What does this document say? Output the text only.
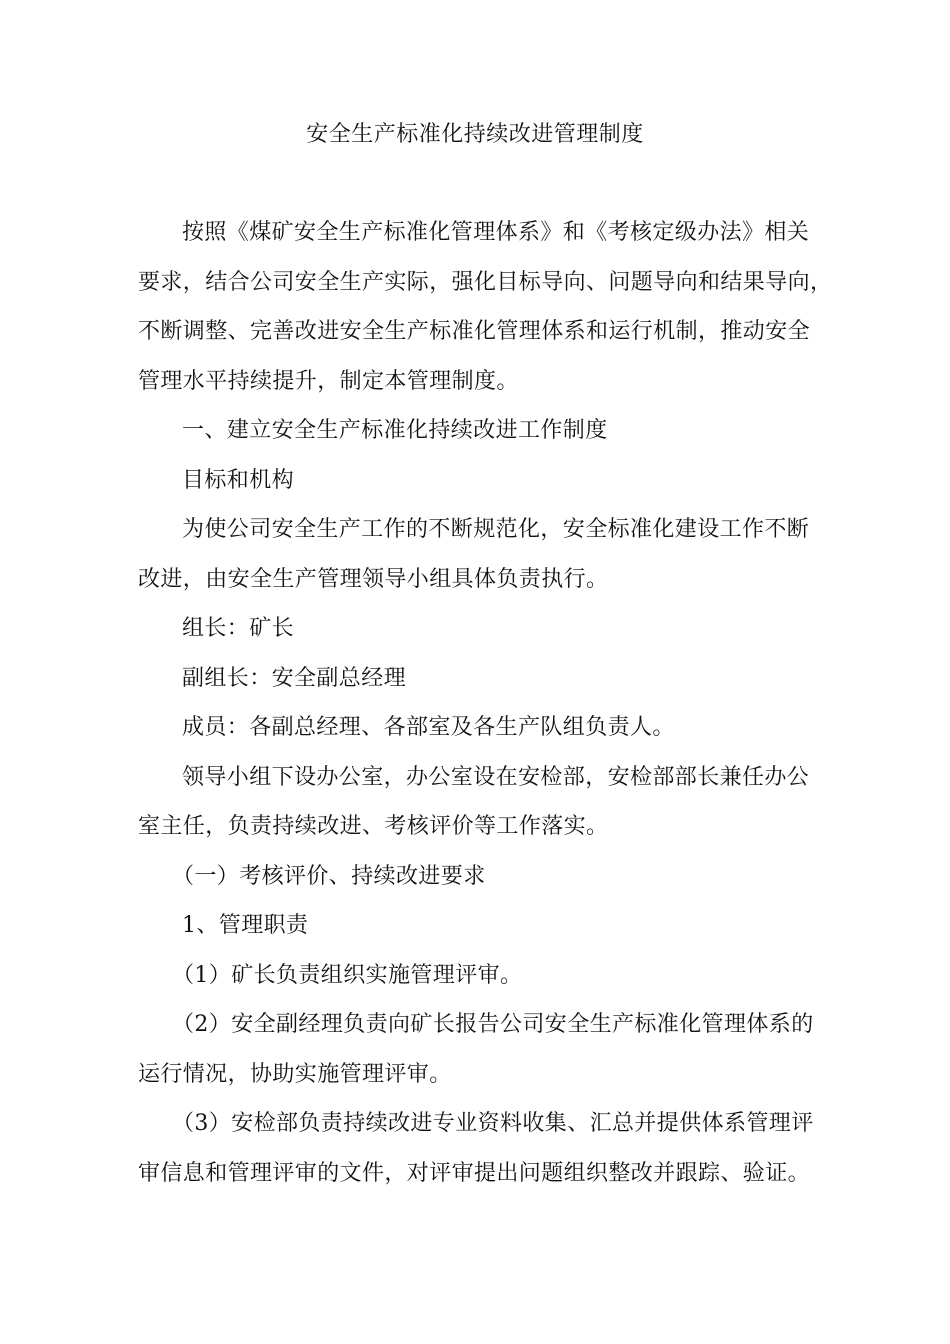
安全生产标准化持续改进管理制度

按照《煤矿安全生产标准化管理体系》和《考核定级办法》相关
要求，结合公司安全生产实际，强化目标导向、问题导向和结果导向，
不断调整、完善改进安全生产标准化管理体系和运行机制，推动安全
管理水平持续提升，制定本管理制度。

一、建立安全生产标准化持续改进工作制度

目标和机构

为使公司安全生产工作的不断规范化，安全标准化建设工作不断
改进，由安全生产管理领导小组具体负责执行。

组长：矿长

副组长：安全副总经理

成员：各副总经理、各部室及各生产队组负责人。

领导小组下设办公室，办公室设在安检部，安检部部长兼任办公
室主任，负责持续改进、考核评价等工作落实。

（一）考核评价、持续改进要求

1、管理职责

（1）矿长负责组织实施管理评审。

（2）安全副经理负责向矿长报告公司安全生产标准化管理体系的
运行情况，协助实施管理评审。

（3）安检部负责持续改进专业资料收集、汇总并提供体系管理评
审信息和管理评审的文件，对评审提出问题组织整改并跟踪、验证。
